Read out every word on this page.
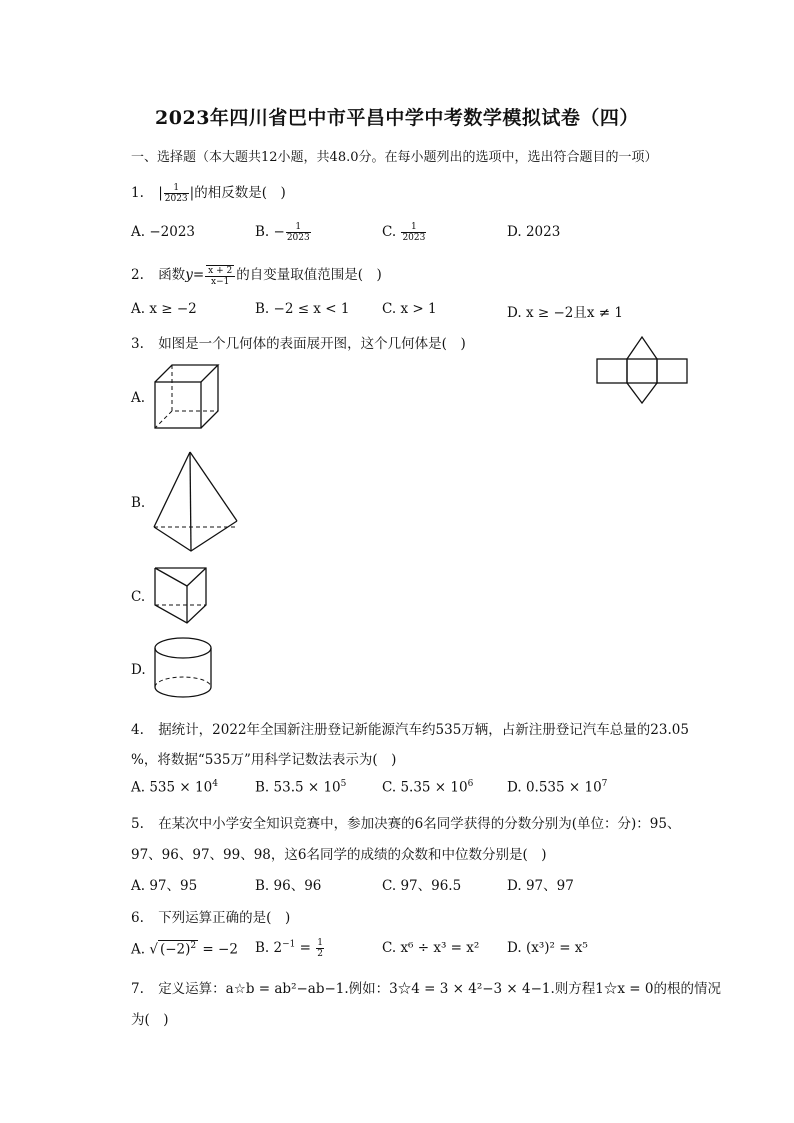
2023年四川省巴中市平昌中学中考数学模拟试卷（四）
一、选择题（本大题共12小题，共48.0分。在每小题列出的选项中，选出符合题目的一项）
1. | $\frac{1}{2023}$ |的相反数是(　)
A. −2023	B. − $\frac{1}{2023}$	C. $\frac{1}{2023}$	D. 2023
2. 函数$y= \frac{x + 2}{x-1}$ 的自变量取值范围是(　)
A. x ≥ −2	B. −2 ≤ x < 1 C. x > 1	D. x ≥ −2且x ≠ 1
3. 如图是一个几何体的表面展开图，这个几何体是(　)
A.
B.
C.
D.
4. 据统计，2022年全国新注册登记新能源汽车约535万辆，占新注册登记汽车总量的23.05
%，将数据“535万”用科学记数法表示为(　)
A. $535 \times 10^4$	B. $53.5 \times 10^5$	C. $5.35 \times 10^6$ D. $0.535 \times 10^7$
5. 在某次中小学安全知识竞赛中，参加决赛的6名同学获得的分数分别为(单位：分)：95、
97、96、97、99、98，这6名同学的成绩的众数和中位数分别是(　)
A. 97、95	B. 96、96	C. 97、96.5	D. 97、97
6. 下列运算正确的是(　)
A. √ $(-2)^2 = -2$ B. $2^{-1} = \frac{1}{2}$	C. x⁶ ÷ x³ = x² D. (x³)² = x⁵
7. 定义运算：a☆b = ab²−ab−1.例如：3☆4 = 3 × 4²−3 × 4−1.则方程1☆x = 0的根的情况
为(　)
